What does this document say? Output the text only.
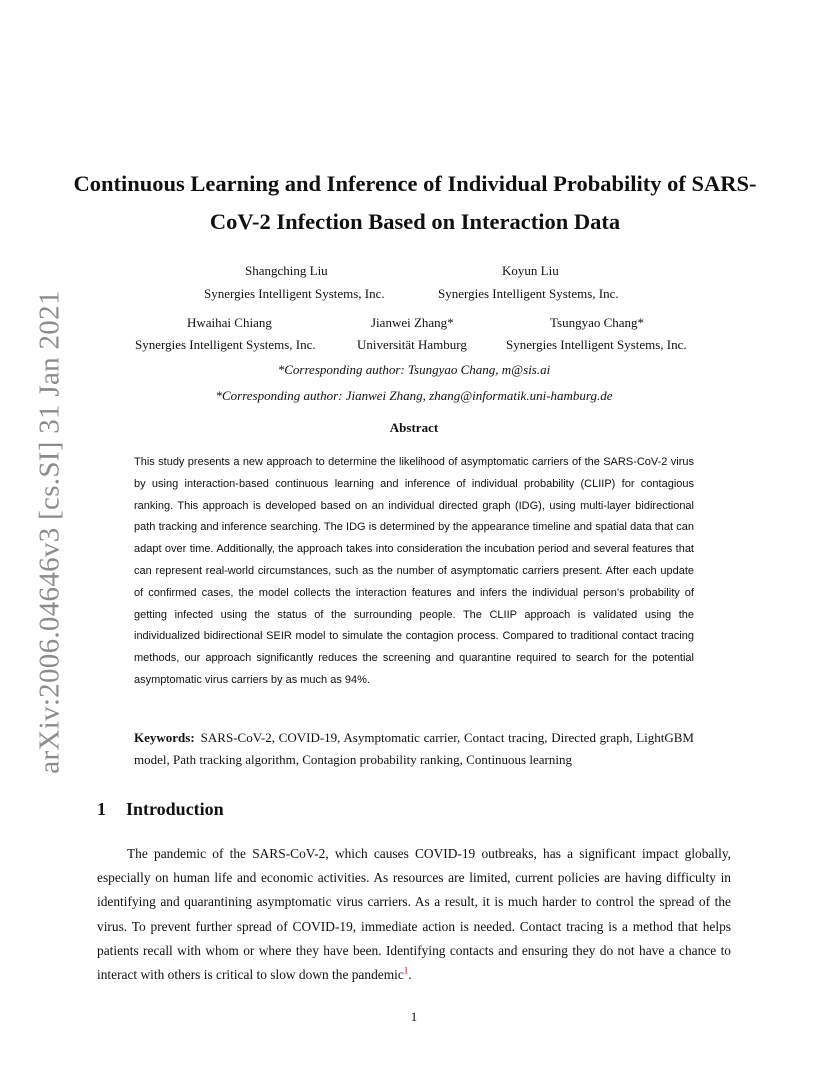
arXiv:2006.04646v3 [cs.SI] 31 Jan 2021
Continuous Learning and Inference of Individual Probability of SARS-CoV-2 Infection Based on Interaction Data
Shangching Liu
Synergies Intelligent Systems, Inc.
Koyun Liu
Synergies Intelligent Systems, Inc.
Hwaihai Chiang
Synergies Intelligent Systems, Inc.
Jianwei Zhang*
Universität Hamburg
Tsungyao Chang*
Synergies Intelligent Systems, Inc.
*Corresponding author: Tsungyao Chang, m@sis.ai
*Corresponding author: Jianwei Zhang, zhang@informatik.uni-hamburg.de
Abstract
This study presents a new approach to determine the likelihood of asymptomatic carriers of the SARS-CoV-2 virus by using interaction-based continuous learning and inference of individual probability (CLIIP) for contagious ranking. This approach is developed based on an individual directed graph (IDG), using multi-layer bidirectional path tracking and inference searching. The IDG is determined by the appearance timeline and spatial data that can adapt over time. Additionally, the approach takes into consideration the incubation period and several features that can represent real-world circumstances, such as the number of asymptomatic carriers present. After each update of confirmed cases, the model collects the interaction features and infers the individual person’s probability of getting infected using the status of the surrounding people. The CLIIP approach is validated using the individualized bidirectional SEIR model to simulate the contagion process. Compared to traditional contact tracing methods, our approach significantly reduces the screening and quarantine required to search for the potential asymptomatic virus carriers by as much as 94%.
Keywords: SARS-CoV-2, COVID-19, Asymptomatic carrier, Contact tracing, Directed graph, LightGBM model, Path tracking algorithm, Contagion probability ranking, Continuous learning
1 Introduction
The pandemic of the SARS-CoV-2, which causes COVID-19 outbreaks, has a significant impact globally, especially on human life and economic activities. As resources are limited, current policies are having difficulty in identifying and quarantining asymptomatic virus carriers. As a result, it is much harder to control the spread of the virus. To prevent further spread of COVID-19, immediate action is needed. Contact tracing is a method that helps patients recall with whom or where they have been. Identifying contacts and ensuring they do not have a chance to interact with others is critical to slow down the pandemic$^1$.
1
